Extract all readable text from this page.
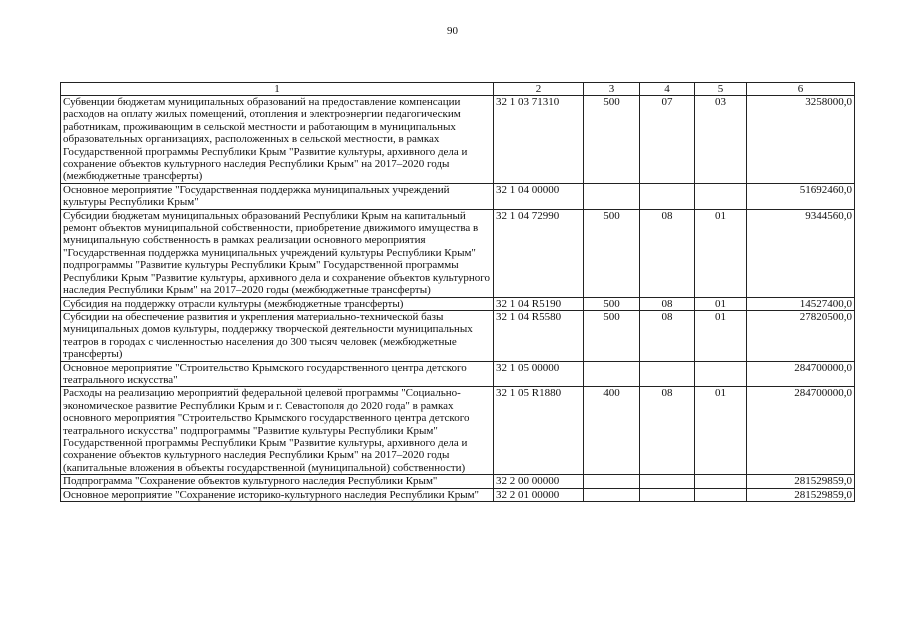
90
1	2	3	4	5	6
Субвенции бюджетам муниципальных образований на предоставление компенсации расходов на оплату жилых помещений, отопления и электроэнергии педагогическим работникам, проживающим в сельской местности и работающим в муниципальных образовательных организациях, расположенных в сельской местности, в рамках Государственной программы Республики Крым "Развитие культуры, архивного дела и сохранение объектов культурного наследия Республики Крым" на 2017–2020 годы (межбюджетные трансферты)	32 1 03 71310	500	07	03	3258000,0
Основное мероприятие "Государственная поддержка муниципальных учреждений культуры Республики Крым"	32 1 04 00000				51692460,0
Субсидии бюджетам муниципальных образований Республики Крым на капитальный ремонт объектов муниципальной собственности, приобретение движимого имущества в муниципальную собственность в рамках реализации основного мероприятия "Государственная поддержка муниципальных учреждений культуры Республики Крым" подпрограммы "Развитие культуры Республики Крым" Государственной программы Республики Крым "Развитие культуры, архивного дела и сохранение объектов культурного наследия Республики Крым" на 2017–2020 годы (межбюджетные трансферты)	32 1 04 72990	500	08	01	9344560,0
Субсидия на поддержку отрасли культуры (межбюджетные трансферты)	32 1 04 R5190	500	08	01	14527400,0
Субсидии на обеспечение развития и укрепления материально-технической базы муниципальных домов культуры, поддержку творческой деятельности муниципальных театров в городах с численностью населения до 300 тысяч человек (межбюджетные трансферты)	32 1 04 R5580	500	08	01	27820500,0
Основное мероприятие "Строительство Крымского государственного центра детского театрального искусства"	32 1 05 00000				284700000,0
Расходы на реализацию мероприятий федеральной целевой программы "Социально-экономическое развитие Республики Крым и г. Севастополя до 2020 года" в рамках основного мероприятия "Строительство Крымского государственного центра детского театрального искусства" подпрограммы "Развитие культуры Республики Крым" Государственной программы Республики Крым "Развитие культуры, архивного дела и сохранение объектов культурного наследия Республики Крым" на 2017–2020 годы (капитальные вложения в объекты государственной (муниципальной) собственности)	32 1 05 R1880	400	08	01	284700000,0
Подпрограмма "Сохранение объектов культурного наследия Республики Крым"	32 2 00 00000				281529859,0
Основное мероприятие "Сохранение историко-культурного наследия Республики Крым"	32 2 01 00000				281529859,0
